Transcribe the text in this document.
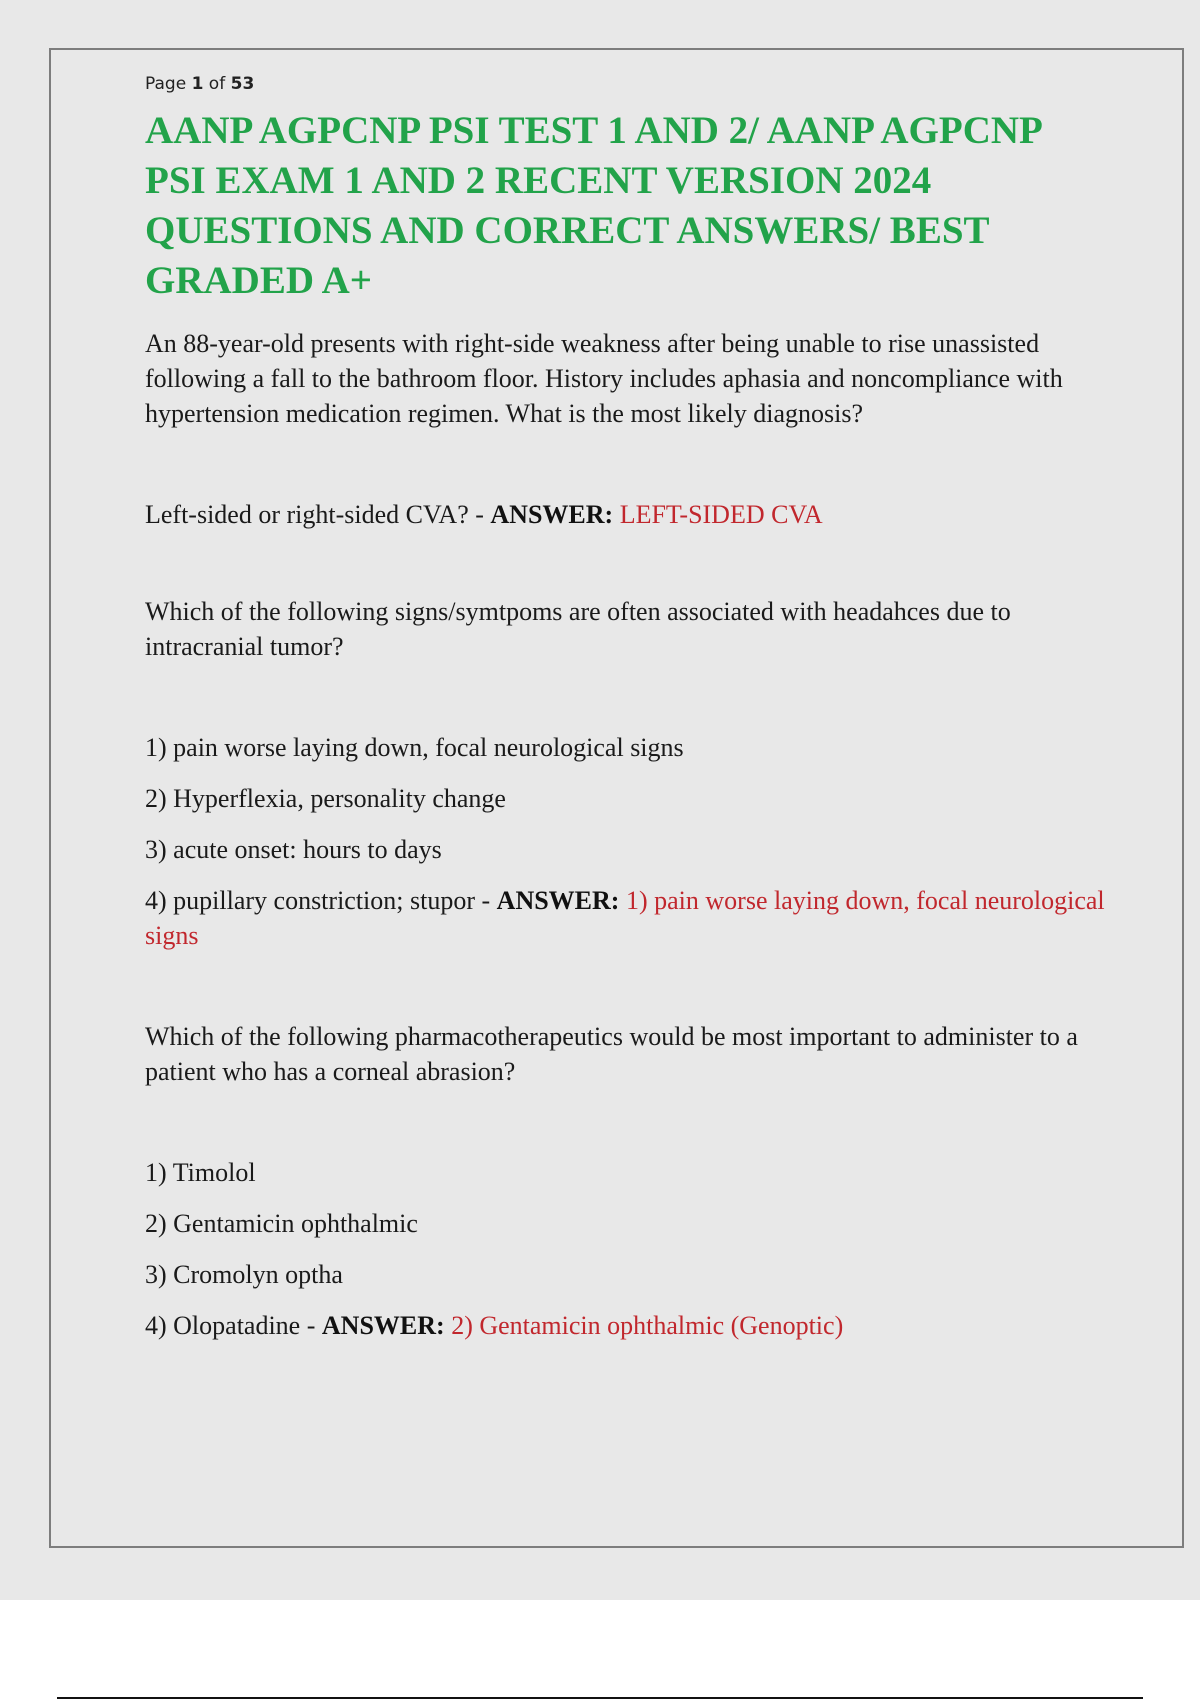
Page 1 of 53
AANP AGPCNP PSI TEST 1 AND 2/ AANP AGPCNP PSI EXAM 1 AND 2 RECENT VERSION 2024 QUESTIONS AND CORRECT ANSWERS/ BEST GRADED A+

An 88-year-old presents with right-side weakness after being unable to rise unassisted following a fall to the bathroom floor. History includes aphasia and noncompliance with hypertension medication regimen. What is the most likely diagnosis?

Left-sided or right-sided CVA? - ANSWER: LEFT-SIDED CVA

Which of the following signs/symtpoms are often associated with headahces due to intracranial tumor?

1) pain worse laying down, focal neurological signs

2) Hyperflexia, personality change

3) acute onset: hours to days

4) pupillary constriction; stupor - ANSWER: 1) pain worse laying down, focal neurological signs

Which of the following pharmacotherapeutics would be most important to administer to a patient who has a corneal abrasion?

1) Timolol

2) Gentamicin ophthalmic

3) Cromolyn optha

4) Olopatadine - ANSWER: 2) Gentamicin ophthalmic (Genoptic)
